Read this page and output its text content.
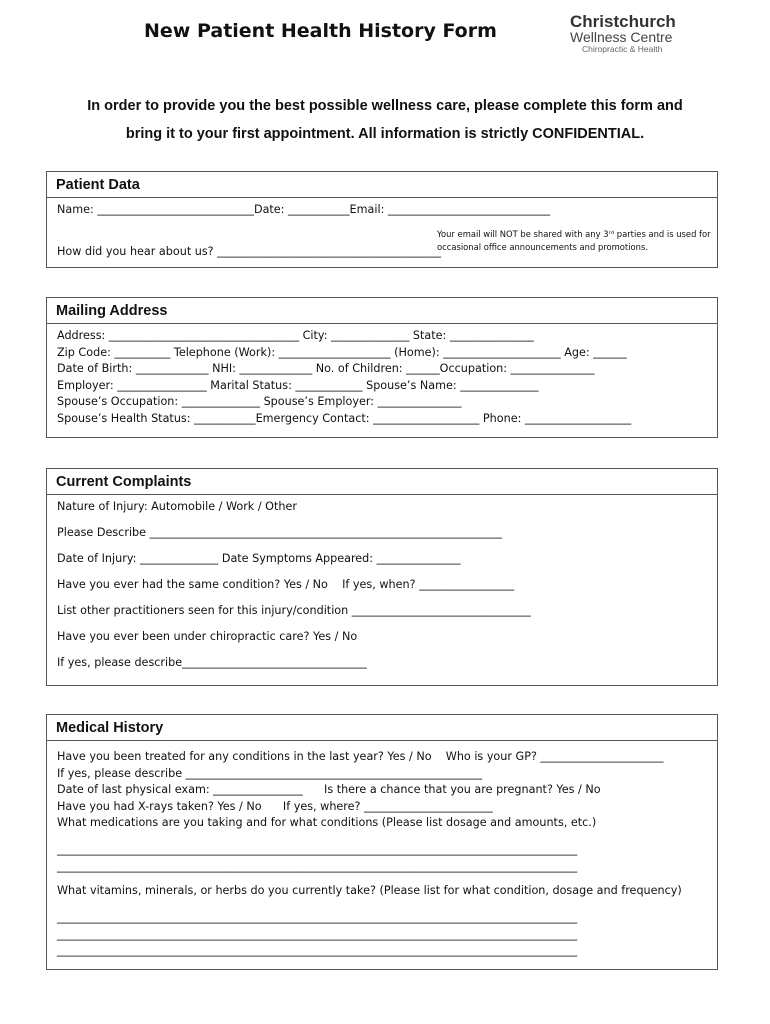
New Patient Health History Form	Christchurch
Wellness Centre
Chiropractic & Health
In order to provide you the best possible wellness care, please complete this form and
bring it to your first appointment. All information is strictly CONFIDENTIAL.
Patient Data
Name: ____________________________Date: ___________Email: _____________________________
Your email will NOT be shared with any 3ʳᵈ parties and is used for occasional office announcements and promotions.
How did you hear about us? ________________________________________
Mailing Address
Address: __________________________________ City: ______________ State: _______________
Zip Code: __________ Telephone (Work): ____________________ (Home): _____________________ Age: ______
Date of Birth: _____________ NHI: _____________ No. of Children: ______Occupation: _______________
Employer: ________________ Marital Status: ____________ Spouse’s Name: ______________
Spouse’s Occupation: ______________ Spouse’s Employer: _______________
Spouse’s Health Status: ___________Emergency Contact: ___________________ Phone: ___________________
Current Complaints
Nature of Injury: Automobile / Work / Other
Please Describe _______________________________________________________________
Date of Injury: ______________ Date Symptoms Appeared: _______________
Have you ever had the same condition? Yes / No    If yes, when? _________________
List other practitioners seen for this injury/condition ________________________________
Have you ever been under chiropractic care? Yes / No
If yes, please describe_________________________________
Medical History
Have you been treated for any conditions in the last year? Yes / No    Who is your GP? ______________________
If yes, please describe _____________________________________________________
Date of last physical exam: ________________      Is there a chance that you are pregnant? Yes / No
Have you had X-rays taken? Yes / No      If yes, where? _______________________
What medications are you taking and for what conditions (Please list dosage and amounts, etc.)
_____________________________________________________________________________________________
_____________________________________________________________________________________________
What vitamins, minerals, or herbs do you currently take? (Please list for what condition, dosage and frequency)
_____________________________________________________________________________________________
_____________________________________________________________________________________________
_____________________________________________________________________________________________
